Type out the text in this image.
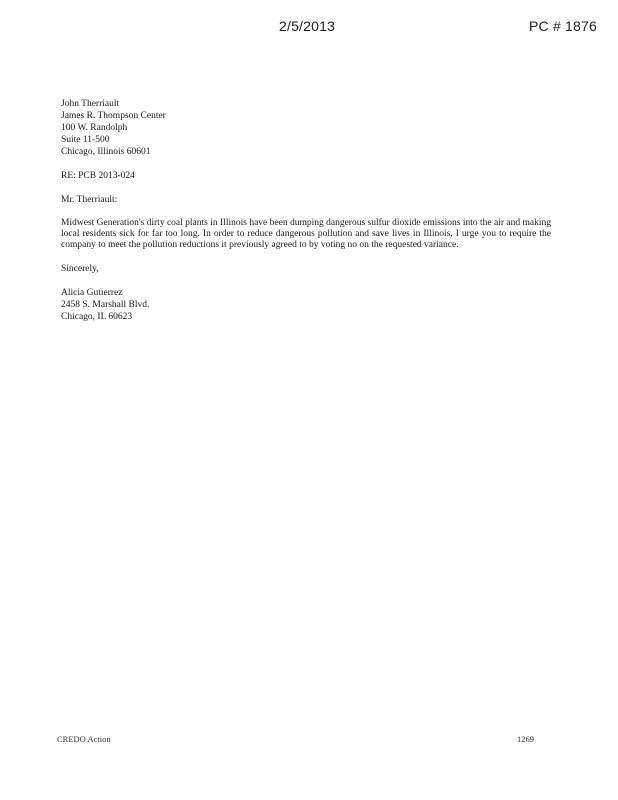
2/5/2013	PC # 1876
John Therriault
James R. Thompson Center
100 W. Randolph
Suite 11-500
Chicago, Illinois 60601
RE: PCB 2013-024
Mr. Therriault:
Midwest Generation's dirty coal plants in Illinois have been dumping dangerous sulfur dioxide emissions into the air and making local residents sick for far too long. In order to reduce dangerous pollution and save lives in Illinois, I urge you to require the company to meet the pollution reductions it previously agreed to by voting no on the requested variance.
Sincerely,
Alicia Gutierrez
2458 S. Marshall Blvd.
Chicago, IL 60623
CREDO Action	1269
